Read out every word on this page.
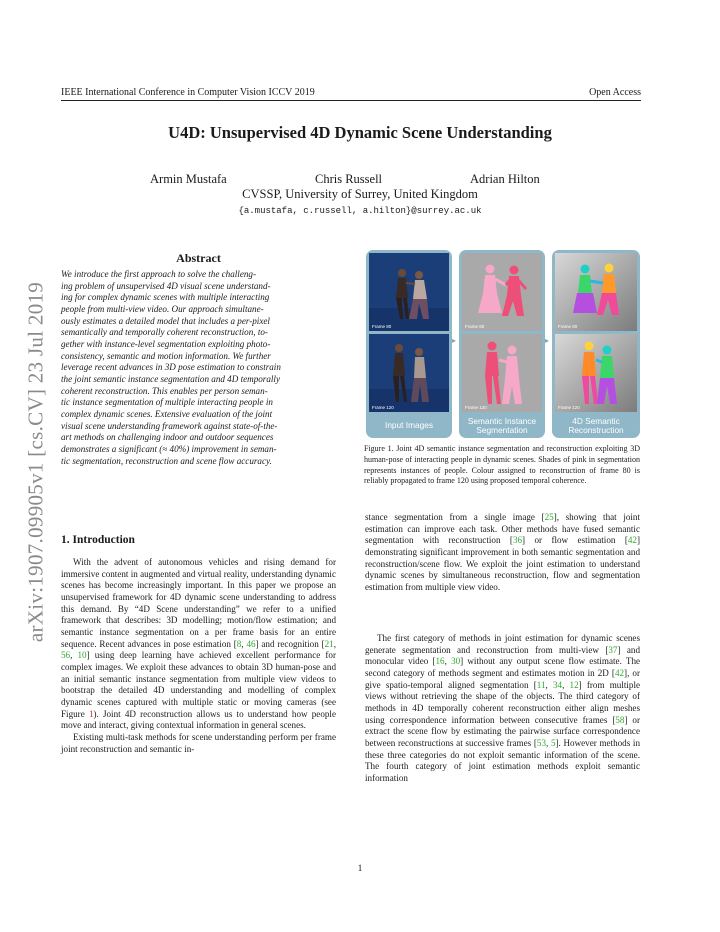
IEEE International Conference in Computer Vision ICCV 2019	Open Access
U4D: Unsupervised 4D Dynamic Scene Understanding
Armin Mustafa	Chris Russell	Adrian Hilton
CVSSP, University of Surrey, United Kingdom
{a.mustafa, c.russell, a.hilton}@surrey.ac.uk
arXiv:1907.09905v1 [cs.CV] 23 Jul 2019
Abstract
We introduce the first approach to solve the challeng-
ing problem of unsupervised 4D visual scene understand-
ing for complex dynamic scenes with multiple interacting
people from multi-view video. Our approach simultane-
ously estimates a detailed model that includes a per-pixel
semantically and temporally coherent reconstruction, to-
gether with instance-level segmentation exploiting photo-
consistency, semantic and motion information. We further
leverage recent advances in 3D pose estimation to constrain
the joint semantic instance segmentation and 4D temporally
coherent reconstruction. This enables per person seman-
tic instance segmentation of multiple interacting people in
complex dynamic scenes. Extensive evaluation of the joint
visual scene understanding framework against state-of-the-
art methods on challenging indoor and outdoor sequences
demonstrates a significant (≈ 40%) improvement in seman-
tic segmentation, reconstruction and scene flow accuracy.
1. Introduction

With the advent of autonomous vehicles and rising demand for immersive content in augmented and virtual reality, understanding dynamic scenes has become increasingly important. In this paper we propose an unsupervised framework for 4D dynamic scene understanding to address this demand. By “4D Scene understanding” we refer to a unified framework that describes: 3D modelling; motion/flow estimation; and semantic instance segmentation on a per frame basis for an entire sequence. Recent advances in pose estimation [8, 46] and recognition [21, 56, 10] using deep learning have achieved excellent performance for complex images. We exploit these advances to obtain 3D human-pose and an initial semantic instance segmentation from multiple view videos to bootstrap the detailed 4D understanding and modelling of complex dynamic scenes captured with multiple static or moving cameras (see Figure 1). Joint 4D reconstruction allows us to understand how people move and interact, giving contextual information in general scenes.

Existing multi-task methods for scene understanding perform per frame joint reconstruction and semantic in-

Frame 80
Frame 120
Input Images
▸
Frame 80
Frame 120
Semantic Instance Segmentation
▸
Frame 80
Frame 120
4D Semantic Reconstruction
Figure 1. Joint 4D semantic instance segmentation and reconstruction exploiting 3D human-pose of interacting people in dynamic scenes. Shades of pink in segmentation represents instances of people. Colour assigned to reconstruction of frame 80 is reliably propagated to frame 120 using proposed temporal coherence.

stance segmentation from a single image [25], showing that joint estimation can improve each task. Other methods have fused semantic segmentation with reconstruction [36] or flow estimation [42] demonstrating significant improvement in both semantic segmentation and reconstruction/scene flow. We exploit the joint estimation to understand dynamic scenes by simultaneous reconstruction, flow and segmentation estimation from multiple view video.

The first category of methods in joint estimation for dynamic scenes generate segmentation and reconstruction from multi-view [37] and monocular video [16, 30] without any output scene flow estimate. The second category of methods segment and estimates motion in 2D [42], or give spatio-temporal aligned segmentation [11, 34, 12] from multiple views without retrieving the shape of the objects. The third category of methods in 4D temporally coherent reconstruction either align meshes using correspondence information between consecutive frames [58] or extract the scene flow by estimating the pairwise surface correspondence between reconstructions at successive frames [53, 5]. However methods in these three categories do not exploit semantic information of the scene. The fourth category of joint estimation methods exploit semantic information

1
